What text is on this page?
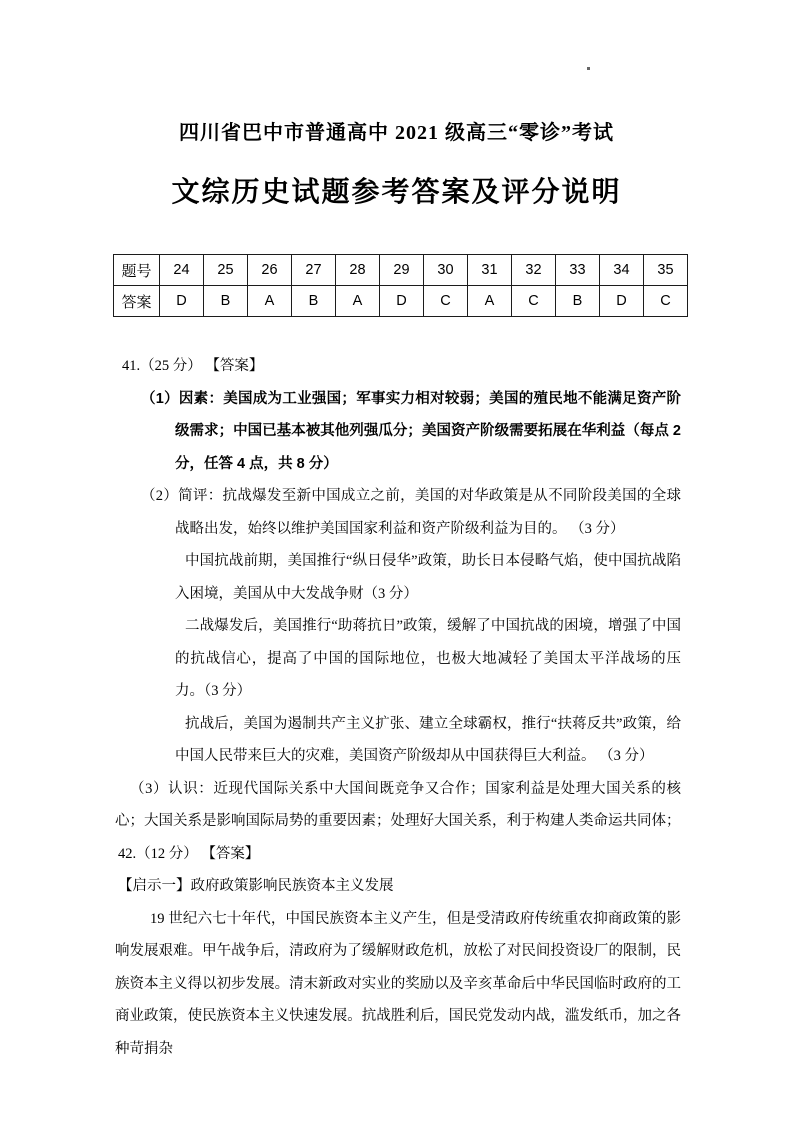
四川省巴中市普通高中 2021 级高三“零诊”考试
文综历史试题参考答案及评分说明
题号	24	25	26	27	28	29	30	31	32	33	34	35
答案	D	B	A	B	A	D	C	A	C	B	D	C

41.（25 分） 【答案】

（1）因素：美国成为工业强国；军事实力相对较弱；美国的殖民地不能满足资产阶级需求；中国已基本被其他列强瓜分；美国资产阶级需要拓展在华利益（每点 2 分，任答 4 点，共 8 分）

（2）简评：抗战爆发至新中国成立之前，美国的对华政策是从不同阶段美国的全球战略出发，始终以维护美国国家利益和资产阶级利益为目的。 （3 分）

中国抗战前期，美国推行“纵日侵华”政策，助长日本侵略气焰，使中国抗战陷入困境，美国从中大发战争财（3 分）

二战爆发后，美国推行“助蒋抗日”政策，缓解了中国抗战的困境，增强了中国的抗战信心，提高了中国的国际地位，也极大地减轻了美国太平洋战场的压力。（3 分）

抗战后，美国为遏制共产主义扩张、建立全球霸权，推行“扶蒋反共”政策，给中国人民带来巨大的灾难，美国资产阶级却从中国获得巨大利益。 （3 分）

（3）认识：近现代国际关系中大国间既竞争又合作；国家利益是处理大国关系的核心；大国关系是影响国际局势的重要因素；处理好大国关系，利于构建人类命运共同体；

42.（12 分） 【答案】

【启示一】政府政策影响民族资本主义发展

19 世纪六七十年代，中国民族资本主义产生，但是受清政府传统重农抑商政策的影响发展艰难。甲午战争后，清政府为了缓解财政危机，放松了对民间投资设厂的限制，民族资本主义得以初步发展。清末新政对实业的奖励以及辛亥革命后中华民国临时政府的工商业政策，使民族资本主义快速发展。抗战胜利后，国民党发动内战，滥发纸币，加之各种苛捐杂
